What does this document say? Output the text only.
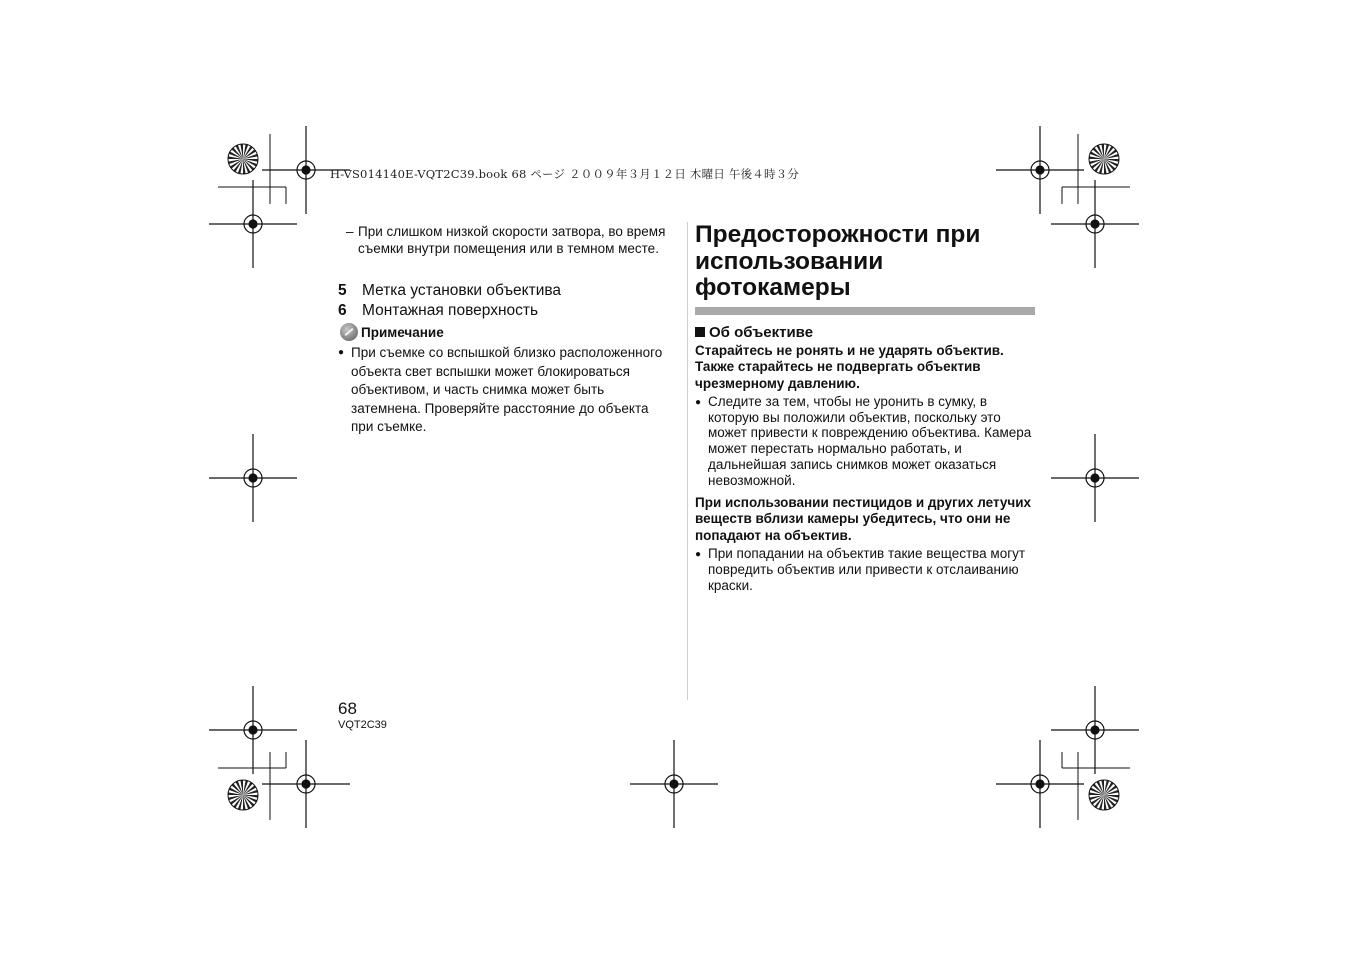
H-VS014140E-VQT2C39.book 68 ページ ２００９年３月１２日 木曜日 午後４時３分
– При слишком низкой скорости затвора, во время съемки внутри помещения или в темном месте.
5 Метка установки объектива
6 Монтажная поверхность
Примечание
● При съемке со вспышкой близко расположенного объекта свет вспышки может блокироваться объективом, и часть снимка может быть затемнена. Проверяйте расстояние до объекта при съемке.
Предосторожности при
использовании
фотокамеры
Об объективе
Старайтесь не ронять и не ударять объектив. Также старайтесь не подвергать объектив чрезмерному давлению.
● Следите за тем, чтобы не уронить в сумку, в которую вы положили объектив, поскольку это может привести к повреждению объектива. Камера может перестать нормально работать, и дальнейшая запись снимков может оказаться невозможной.
При использовании пестицидов и других летучих веществ вблизи камеры убедитесь, что они не попадают на объектив.
● При попадании на объектив такие вещества могут повредить объектив или привести к отслаиванию краски.
68
VQT2C39
